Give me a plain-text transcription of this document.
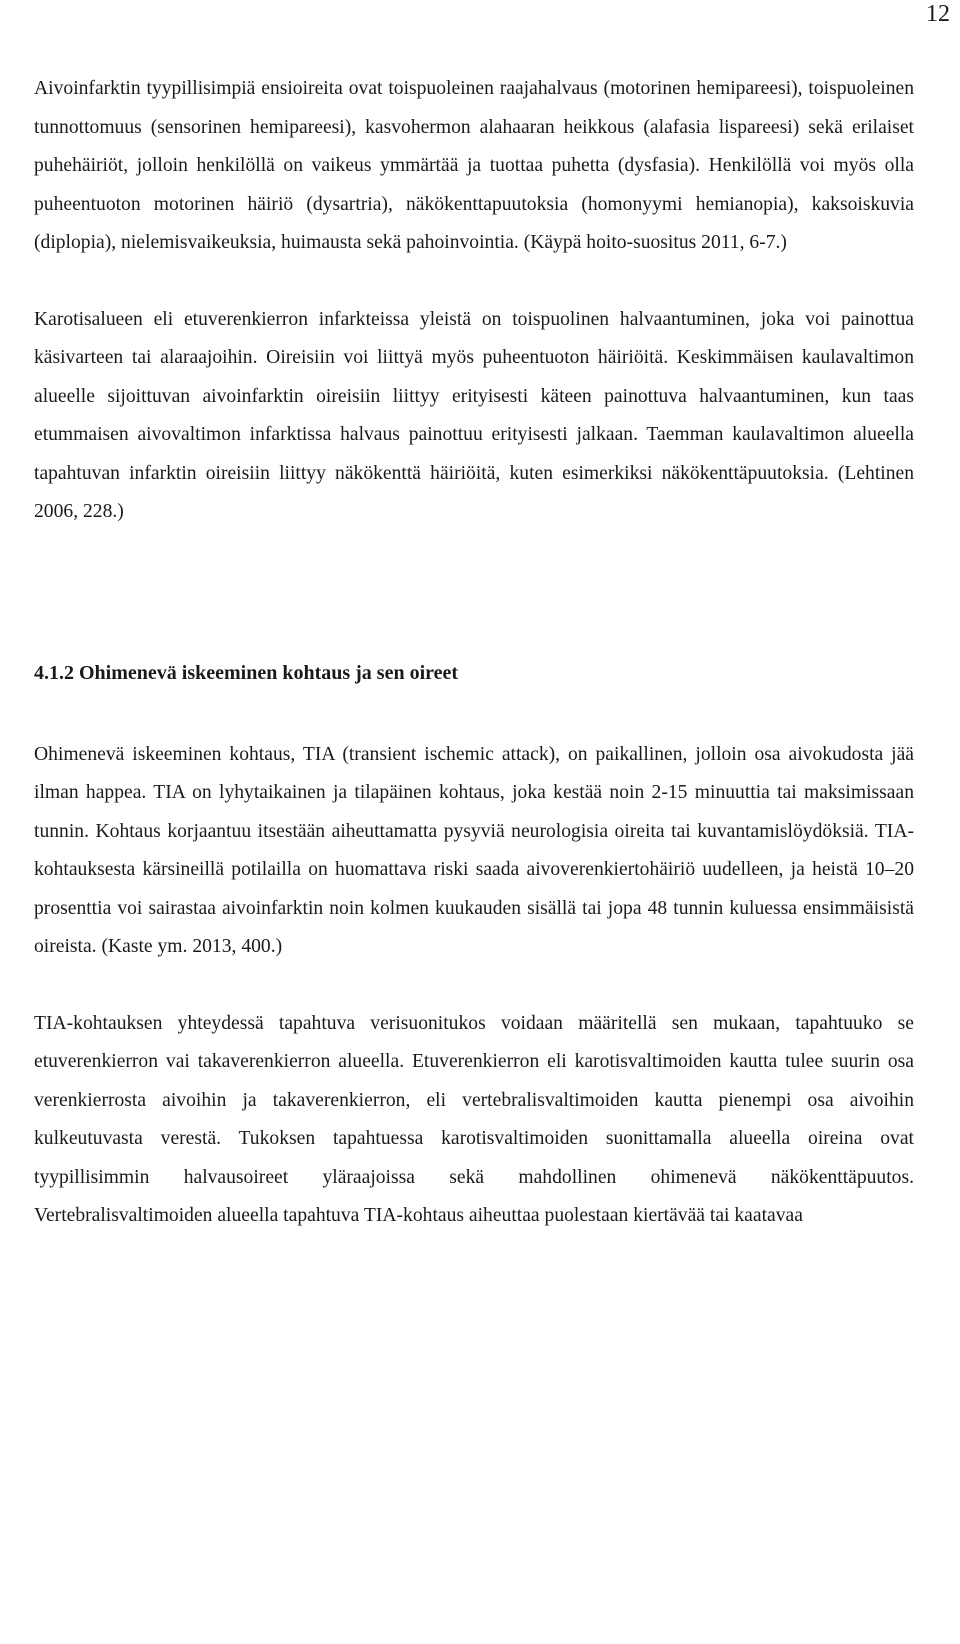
12

Aivoinfarktin tyypillisimpiä ensioireita ovat toispuoleinen raajahalvaus (motorinen hemipareesi), toispuoleinen tunnottomuus (sensorinen hemipareesi), kasvohermon alahaaran heikkous (alafasia lispareesi) sekä erilaiset puhehäiriöt, jolloin henkilöllä on vaikeus ymmärtää ja tuottaa puhetta (dysfasia). Henkilöllä voi myös olla puheentuoton motorinen häiriö (dysartria), näkökenttapuutoksia (homonyymi hemianopia), kaksoiskuvia (diplopia), nielemisvaikeuksia, huimausta sekä pahoinvointia. (Käypä hoito-suositus 2011, 6-7.)

Karotisalueen eli etuverenkierron infarkteissa yleistä on toispuolinen halvaantuminen, joka voi painottua käsivarteen tai alaraajoihin. Oireisiin voi liittyä myös puheentuoton häiriöitä. Keskimmäisen kaulavaltimon alueelle sijoittuvan aivoinfarktin oireisiin liittyy erityisesti käteen painottuva halvaantuminen, kun taas etummaisen aivovaltimon infarktissa halvaus painottuu erityisesti jalkaan. Taemman kaulavaltimon alueella tapahtuvan infarktin oireisiin liittyy näkökenttä häiriöitä, kuten esimerkiksi näkökenttäpuutoksia. (Lehtinen 2006, 228.)

4.1.2 Ohimenevä iskeeminen kohtaus ja sen oireet

Ohimenevä iskeeminen kohtaus, TIA (transient ischemic attack), on paikallinen, jolloin osa aivokudosta jää ilman happea. TIA on lyhytaikainen ja tilapäinen kohtaus, joka kestää noin 2-15 minuuttia tai maksimissaan tunnin. Kohtaus korjaantuu itsestään aiheuttamatta pysyviä neurologisia oireita tai kuvantamislöydöksiä. TIA-kohtauksesta kärsineillä potilailla on huomattava riski saada aivoverenkiertohäiriö uudelleen, ja heistä 10–20 prosenttia voi sairastaa aivoinfarktin noin kolmen kuukauden sisällä tai jopa 48 tunnin kuluessa ensimmäisistä oireista. (Kaste ym. 2013, 400.)

TIA-kohtauksen yhteydessä tapahtuva verisuonitukos voidaan määritellä sen mukaan, tapahtuuko se etuverenkierron vai takaverenkierron alueella. Etuverenkierron eli karotisvaltimoiden kautta tulee suurin osa verenkierrosta aivoihin ja takaverenkierron, eli vertebralisvaltimoiden kautta pienempi osa aivoihin kulkeutuvasta verestä. Tukoksen tapahtuessa karotisvaltimoiden suonittamalla alueella oireina ovat tyypillisimmin halvausoireet yläraajoissa sekä mahdollinen ohimenevä näkökenttäpuutos. Vertebralisvaltimoiden alueella tapahtuva TIA-kohtaus aiheuttaa puolestaan kiertävää tai kaatavaa
